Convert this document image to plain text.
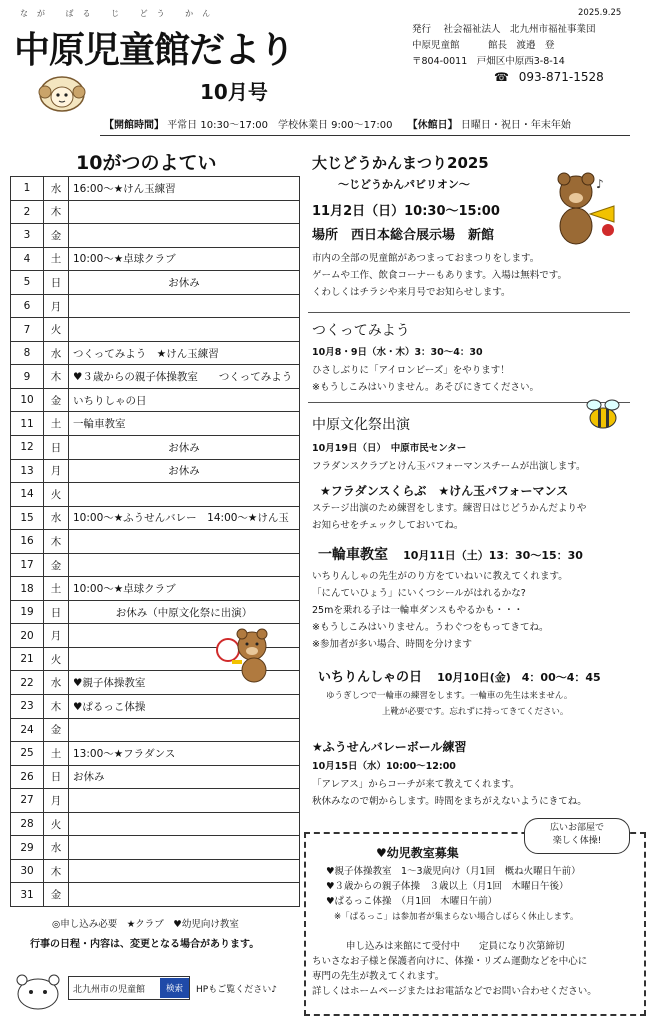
なが ばる じ どう かん
中原児童館だより
10月号
2025.9.25
発行　 社会福祉法人　北九州市福祉事業団
中原児童館　　　館長　渡邉　登
〒804-0011　戸畑区中原西3-8-14
☎ 093-871-1528
【開館時間】 平常日 10:30～17:00　学校休業日 9:00～17:00 【休館日】 日曜日・祝日・年末年始
10がつのよてい
1	水	16:00～★けん玉練習
2	木	
3	金	
4	土	10:00～★卓球クラブ
5	日	お休み
6	月	
7	火	
8	水	つくってみよう　★けん玉練習
9	木	♥３歳からの親子体操教室　　つくってみよう
10	金	いちりしゃの日
11	土	一輪車教室
12	日	お休み
13	月	お休み
14	火	
15	水	10:00～★ふうせんバレー　14:00～★けん玉
16	木	
17	金	
18	土	10:00～★卓球クラブ
19	日	お休み（中原文化祭に出演）
20	月	
21	火	
22	水	♥親子体操教室
23	木	♥ぱるっこ体操
24	金	
25	土	13:00～★フラダンス
26	日	お休み
27	月	
28	火	
29	水	
30	木	
31	金	
◎申し込み必要　★クラブ　♥幼児向け教室
行事の日程・内容は、変更となる場合があります。
北九州市の児童館	検索	HPもご覧ください♪
大じどうかんまつり2025
～じどうかんパビリオン～	♪
11月2日（日）10:30～15:00
場所　西日本総合展示場　新館
市内の全部の児童館があつまっておまつりをします。
ゲームや工作、飲食コーナーもあります。入場は無料です。
くわしくはチラシや来月号でお知らせします。
つくってみよう
10月8・9日（水・木）3：30～4：30
ひさしぶりに「アイロンビーズ」をやります！
※もうしこみはいりません。あそびにきてください。
中原文化祭出演
10月19日（日）　中原市民センター
フラダンスクラブとけん玉パフォーマンスチームが出演します。
★フラダンスくらぶ　★けん玉パフォーマンス
ステージ出演のため練習をします。練習日はじどうかんだよりや
お知らせをチェックしておいてね。
一輪車教室 10月11日（土）13：30～15：30
いちりんしゃの先生がのり方をていねいに教えてくれます。
「にんていひょう」にいくつシールがはれるかな?
25mを乗れる子は一輪車ダンスもやるかも・・・
※もうしこみはいりません。うわぐつをもってきてね。
※参加者が多い場合、時間を分けます
いちりんしゃの日 10月10日(金)　4：00～4：45
ゆうぎしつで一輪車の練習をします。一輪車の先生は来ません。
上靴が必要です。忘れずに持ってきてください。
★ふうせんバレーボール練習
10月15日（水）10:00～12:00
「アレアス」からコーチが来て教えてくれます。
秋休みなので朝からします。時間をまちがえないようにきてね。
広いお部屋で
楽しく体操!
♥幼児教室募集
♥親子体操教室　1～3歳児向け（月1回　概ね火曜日午前）
♥３歳からの親子体操　３歳以上（月1回　木曜日午後）
♥ぱるっこ体操　（月1回　木曜日午前）
※「ぱるっこ」は参加者が集まらない場合しばらく休止します。
申し込みは来館にて受付中　　定員になり次第締切
ちいさなお子様と保護者向けに、体操・リズム運動などを中心に
専門の先生が教えてくれます。
詳しくはホームページまたはお電話などでお問い合わせください。
